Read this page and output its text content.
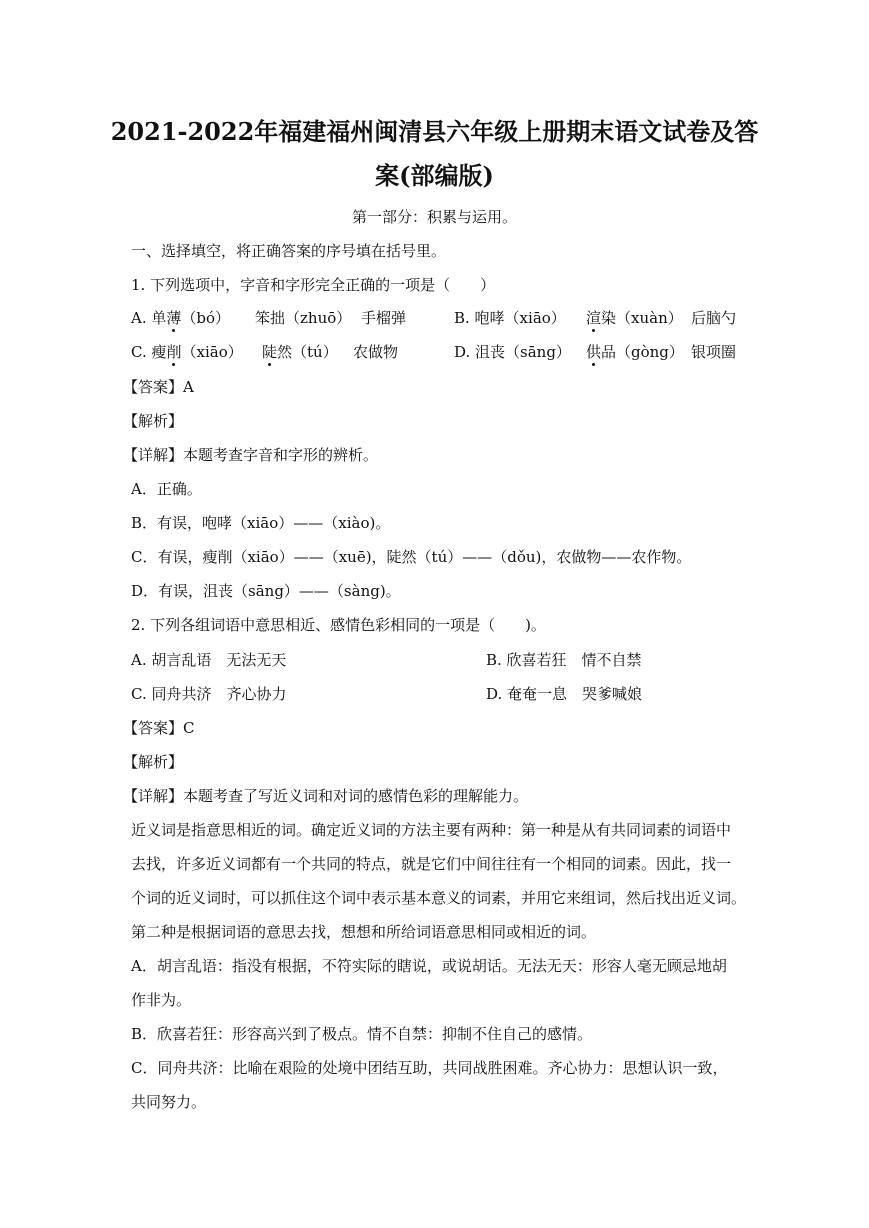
2021-2022年福建福州闽清县六年级上册期末语文试卷及答
案(部编版)
第一部分：积累与运用。
一、选择填空，将正确答案的序号填在括号里。
1. 下列选项中，字音和字形完全正确的一项是（　　）
A. 单薄（bó） 笨拙（zhuō） 手榴弹	B. 咆哮（xiāo） 渲染（xuàn） 后脑勺
C. 瘦削（xiāo） 陡然（tú） 农做物	D. 沮丧（sāng） 供品（gòng） 银项圈
【答案】A
【解析】
【详解】本题考查字音和字形的辨析。
A．正确。
B．有误，咆哮（xiāo）——（xiào)。
C．有误，瘦削（xiāo）——（xuē)，陡然（tú）——（dǒu)，农做物——农作物。
D．有误，沮丧（sāng）——（sàng)。
2. 下列各组词语中意思相近、感情色彩相同的一项是（　　)。
A. 胡言乱语　无法无天	B. 欣喜若狂　情不自禁
C. 同舟共济　齐心协力	D. 奄奄一息　哭爹喊娘
【答案】C
【解析】
【详解】本题考查了写近义词和对词的感情色彩的理解能力。
近义词是指意思相近的词。确定近义词的方法主要有两种：第一种是从有共同词素的词语中
去找，许多近义词都有一个共同的特点，就是它们中间往往有一个相同的词素。因此，找一
个词的近义词时，可以抓住这个词中表示基本意义的词素，并用它来组词，然后找出近义词。
第二种是根据词语的意思去找，想想和所给词语意思相同或相近的词。
A．胡言乱语：指没有根据，不符实际的瞎说，或说胡话。无法无天：形容人毫无顾忌地胡
作非为。
B．欣喜若狂：形容高兴到了极点。情不自禁：抑制不住自己的感情。
C．同舟共济：比喻在艰险的处境中团结互助，共同战胜困难。齐心协力：思想认识一致，
共同努力。
